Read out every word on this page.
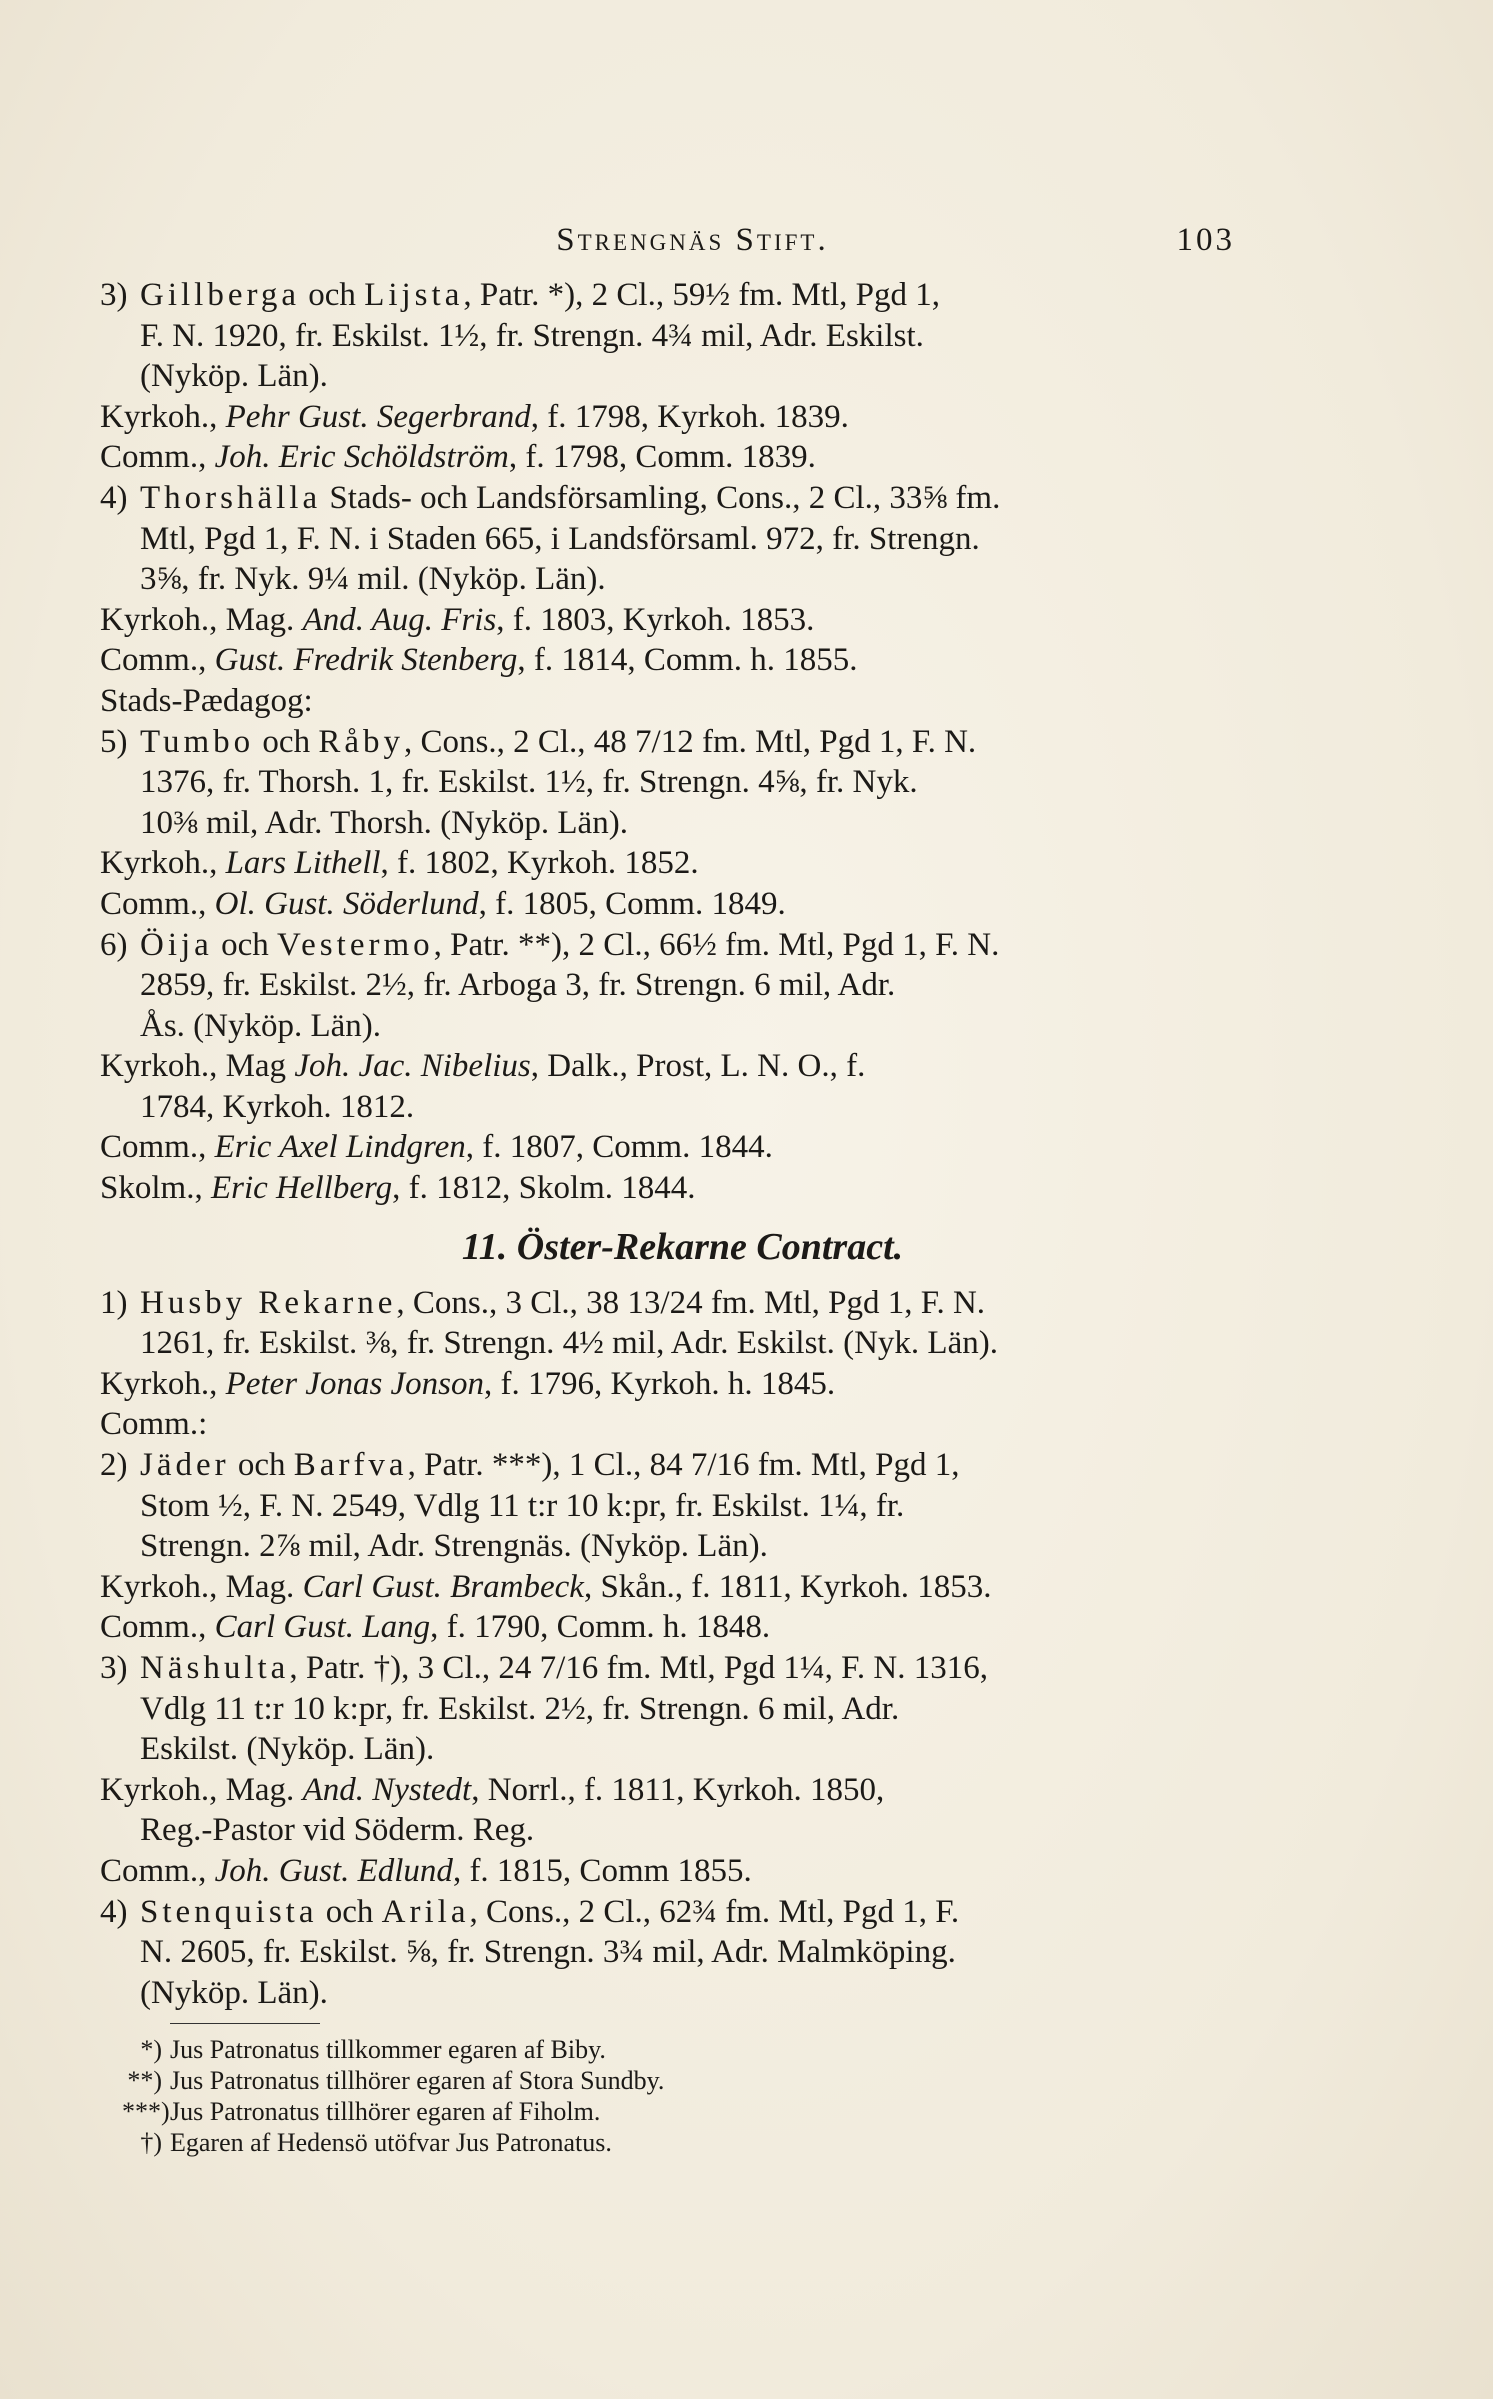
Strengnäs Stift.	103
3) Gillberga och Lijsta, Patr. *), 2 Cl., 59½ fm. Mtl, Pgd 1,
F. N. 1920, fr. Eskilst. 1½, fr. Strengn. 4¾ mil, Adr. Eskilst.
(Nyköp. Län).
Kyrkoh., Pehr Gust. Segerbrand, f. 1798, Kyrkoh. 1839.
Comm., Joh. Eric Schöldström, f. 1798, Comm. 1839.
4) Thorshälla Stads- och Landsförsamling, Cons., 2 Cl., 33⅝ fm.
Mtl, Pgd 1, F. N. i Staden 665, i Landsförsaml. 972, fr. Strengn.
3⅝, fr. Nyk. 9¼ mil. (Nyköp. Län).
Kyrkoh., Mag. And. Aug. Fris, f. 1803, Kyrkoh. 1853.
Comm., Gust. Fredrik Stenberg, f. 1814, Comm. h. 1855.
Stads-Pædagog:
5) Tumbo och Råby, Cons., 2 Cl., 48 7/12 fm. Mtl, Pgd 1, F. N.
1376, fr. Thorsh. 1, fr. Eskilst. 1½, fr. Strengn. 4⅝, fr. Nyk.
10⅜ mil, Adr. Thorsh. (Nyköp. Län).
Kyrkoh., Lars Lithell, f. 1802, Kyrkoh. 1852.
Comm., Ol. Gust. Söderlund, f. 1805, Comm. 1849.
6) Öija och Vestermo, Patr. **), 2 Cl., 66½ fm. Mtl, Pgd 1, F. N.
2859, fr. Eskilst. 2½, fr. Arboga 3, fr. Strengn. 6 mil, Adr.
Ås. (Nyköp. Län).
Kyrkoh., Mag Joh. Jac. Nibelius, Dalk., Prost, L. N. O., f.
1784, Kyrkoh. 1812.
Comm., Eric Axel Lindgren, f. 1807, Comm. 1844.
Skolm., Eric Hellberg, f. 1812, Skolm. 1844.
11. Öster-Rekarne Contract.
1) Husby Rekarne, Cons., 3 Cl., 38 13/24 fm. Mtl, Pgd 1, F. N.
1261, fr. Eskilst. ⅜, fr. Strengn. 4½ mil, Adr. Eskilst. (Nyk. Län).
Kyrkoh., Peter Jonas Jonson, f. 1796, Kyrkoh. h. 1845.
Comm.:
2) Jäder och Barfva, Patr. ***), 1 Cl., 84 7/16 fm. Mtl, Pgd 1,
Stom ½, F. N. 2549, Vdlg 11 t:r 10 k:pr, fr. Eskilst. 1¼, fr.
Strengn. 2⅞ mil, Adr. Strengnäs. (Nyköp. Län).
Kyrkoh., Mag. Carl Gust. Brambeck, Skån., f. 1811, Kyrkoh. 1853.
Comm., Carl Gust. Lang, f. 1790, Comm. h. 1848.
3) Näshulta, Patr. †), 3 Cl., 24 7/16 fm. Mtl, Pgd 1¼, F. N. 1316,
Vdlg 11 t:r 10 k:pr, fr. Eskilst. 2½, fr. Strengn. 6 mil, Adr.
Eskilst. (Nyköp. Län).
Kyrkoh., Mag. And. Nystedt, Norrl., f. 1811, Kyrkoh. 1850,
Reg.-Pastor vid Söderm. Reg.
Comm., Joh. Gust. Edlund, f. 1815, Comm 1855.
4) Stenquista och Arila, Cons., 2 Cl., 62¾ fm. Mtl, Pgd 1, F.
N. 2605, fr. Eskilst. ⅝, fr. Strengn. 3¾ mil, Adr. Malmköping.
(Nyköp. Län).
*) Jus Patronatus tillkommer egaren af Biby.
**) Jus Patronatus tillhörer egaren af Stora Sundby.
***)Jus Patronatus tillhörer egaren af Fiholm.
†) Egaren af Hedensö utöfvar Jus Patronatus.
